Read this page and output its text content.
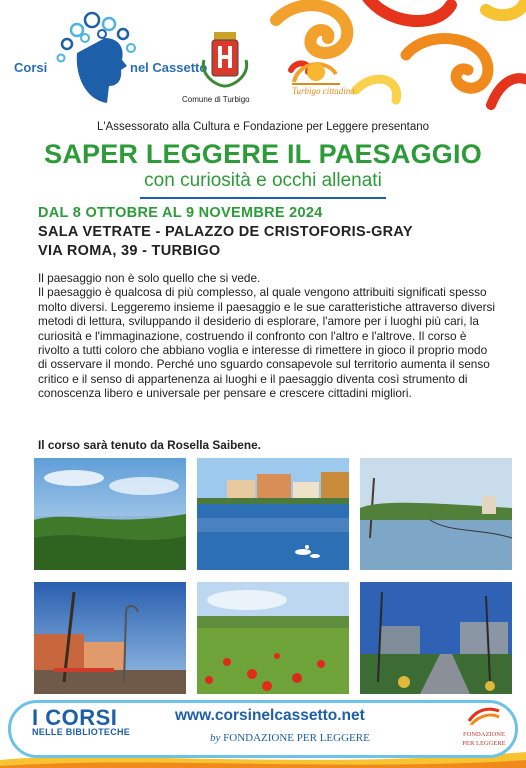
Corsi	nel Cassetto
Comune di Turbigo
Turbigo cittadina
L'Assessorato alla Cultura e Fondazione per Leggere presentano
SAPER LEGGERE IL PAESAGGIO
con curiosità e occhi allenati
DAL 8 OTTOBRE AL 9 NOVEMBRE 2024
SALA VETRATE - PALAZZO DE CRISTOFORIS-GRAY
VIA ROMA, 39 - TURBIGO
Il paesaggio non è solo quello che si vede.
Il paesaggio è qualcosa di più complesso, al quale vengono attribuiti significati spesso molto diversi. Leggeremo insieme il paesaggio e le sue caratteristiche attraverso diversi metodi di lettura, sviluppando il desiderio di esplorare, l'amore per i luoghi più cari, la curiosità e l'immaginazione, costruendo il confronto con l'altro e l'altrove. Il corso è rivolto a tutti coloro che abbiano voglia e interesse di rimettere in gioco il proprio modo di osservare il mondo. Perché uno sguardo consapevole sul territorio aumenta il senso critico e il senso di appartenenza ai luoghi e il paesaggio diventa così strumento di conoscenza libero e universale per pensare e crescere cittadini migliori.
Il corso sarà tenuto da Rosella Saibene.
I CORSI
NELLE BIBLIOTECHE
www.corsinelcassetto.net
by FONDAZIONE PER LEGGERE	FONDAZIONE
PER LEGGERE
